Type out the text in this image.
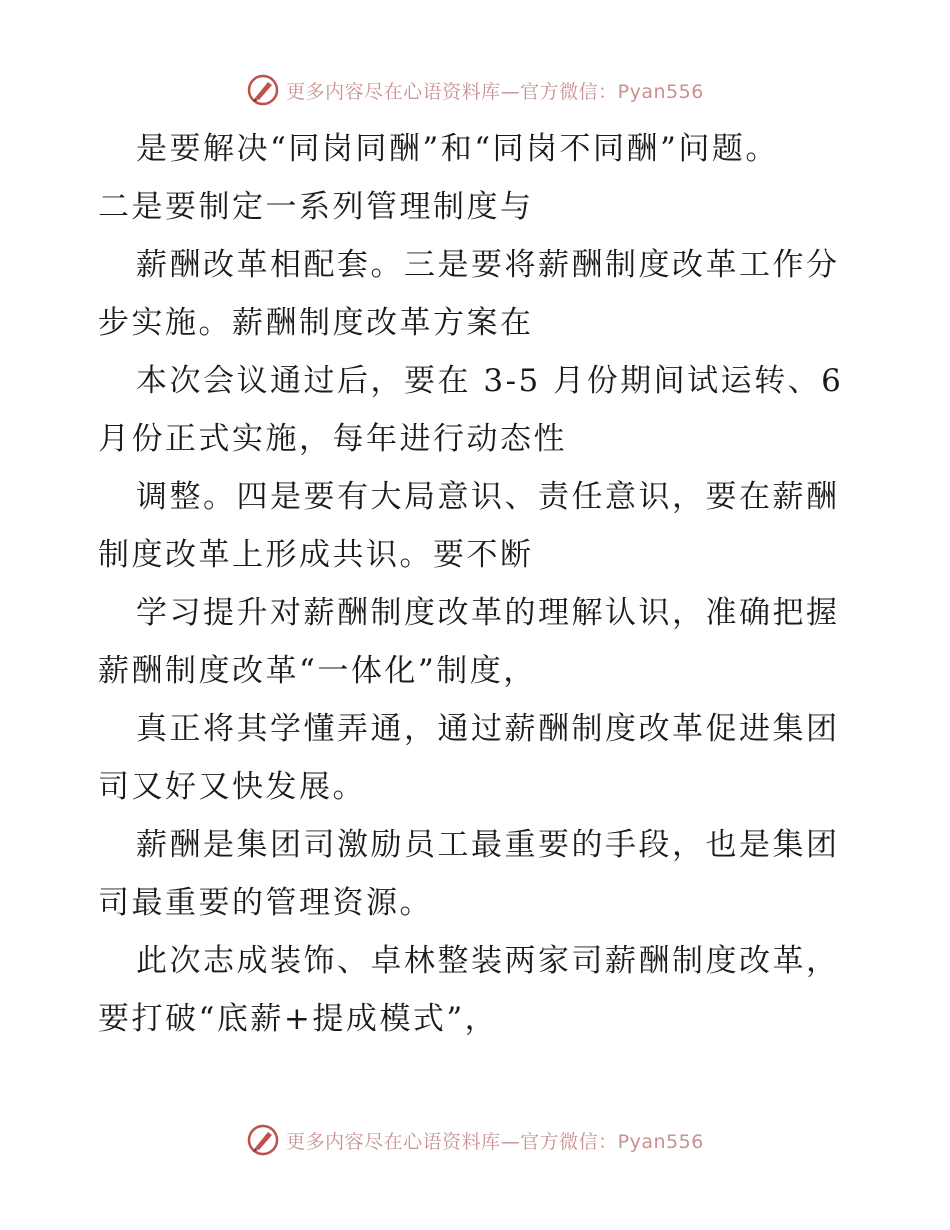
更多内容尽在心语资料库—官方微信：Pyan556

是要解决“同岗同酬”和“同岗不同酬”问题。
二是要制定一系列管理制度与

薪酬改革相配套。三是要将薪酬制度改革工作分
步实施。薪酬制度改革方案在

本次会议通过后，要在 3-5 月份期间试运转、6
月份正式实施，每年进行动态性

调整。四是要有大局意识、责任意识，要在薪酬
制度改革上形成共识。要不断

学习提升对薪酬制度改革的理解认识，准确把握
薪酬制度改革“一体化”制度，

真正将其学懂弄通，通过薪酬制度改革促进集团
司又好又快发展。

薪酬是集团司激励员工最重要的手段，也是集团
司最重要的管理资源。

此次志成装饰、卓林整装两家司薪酬制度改革，
要打破“底薪+提成模式”，

更多内容尽在心语资料库—官方微信：Pyan556
